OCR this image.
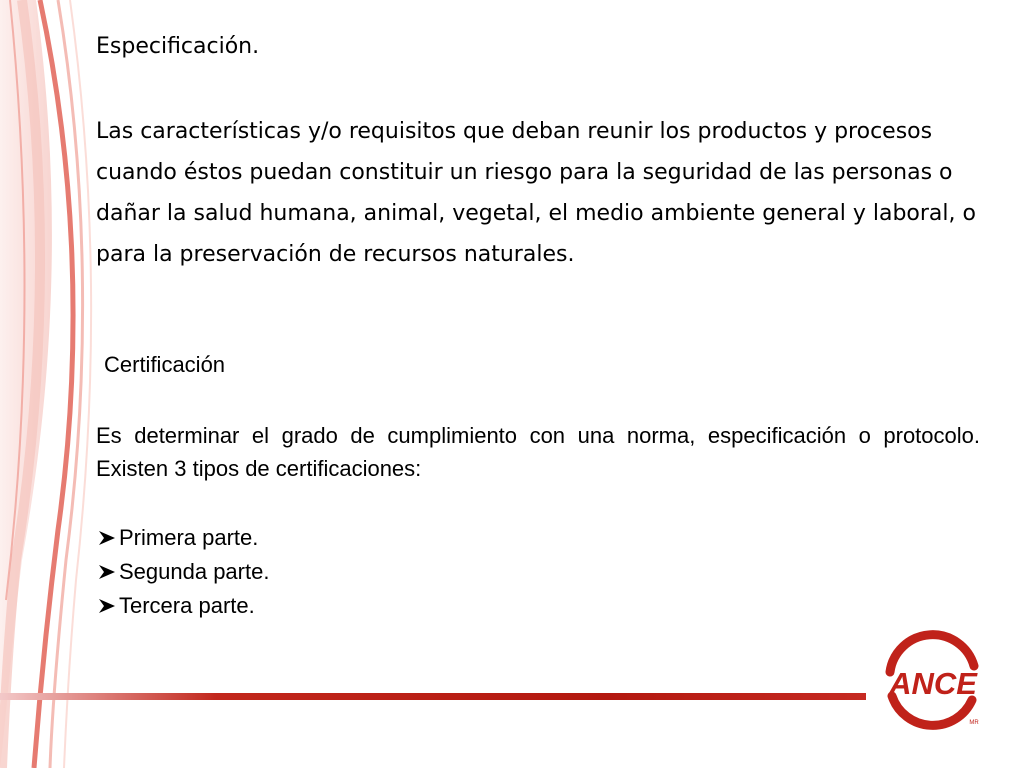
Especificación.

Las características y/o requisitos que deban reunir los productos y procesos cuando éstos puedan constituir un riesgo para la seguridad de las personas o dañar la salud humana, animal, vegetal, el medio ambiente general y laboral, o para la preservación de recursos naturales.

Certificación

Es determinar el grado de cumplimiento con una norma, especificación o protocolo. Existen 3 tipos de certificaciones:

Primera parte.
Segunda parte.
Tercera parte.
ANCE
MR
